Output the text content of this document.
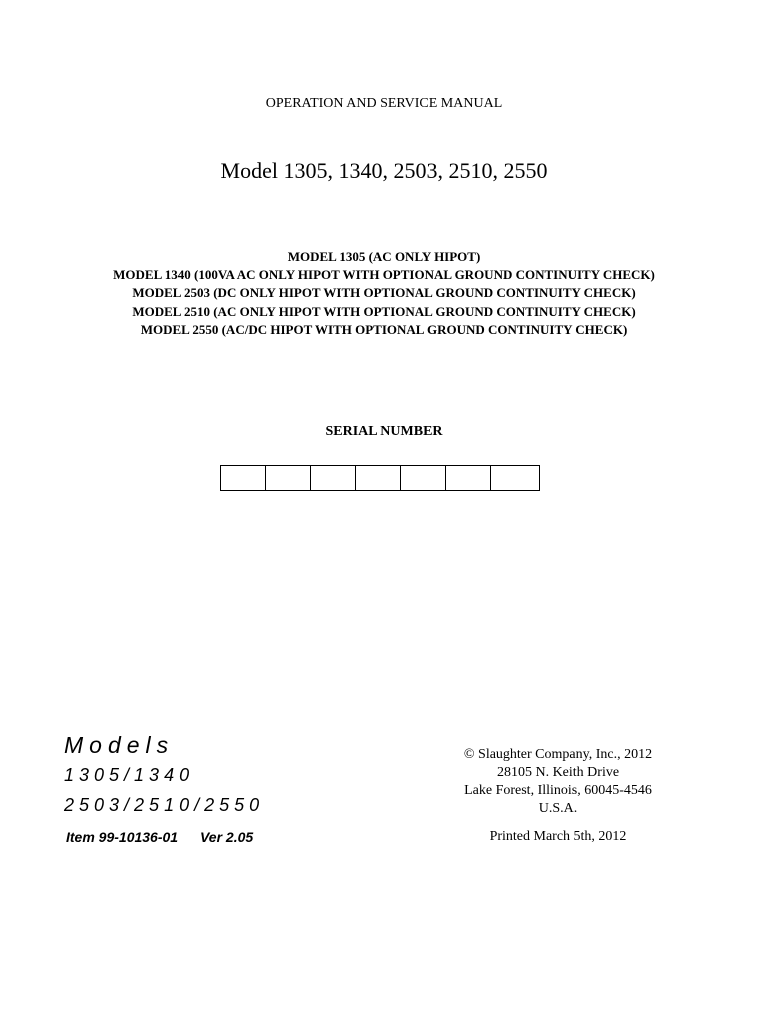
OPERATION AND SERVICE MANUAL
Model 1305, 1340, 2503, 2510, 2550
MODEL 1305 (AC ONLY HIPOT)
MODEL 1340 (100VA AC ONLY HIPOT WITH OPTIONAL GROUND CONTINUITY CHECK)
MODEL 2503 (DC ONLY HIPOT WITH OPTIONAL GROUND CONTINUITY CHECK)
MODEL 2510 (AC ONLY HIPOT WITH OPTIONAL GROUND CONTINUITY CHECK)
MODEL 2550 (AC/DC HIPOT WITH OPTIONAL GROUND CONTINUITY CHECK)
SERIAL NUMBER
Models
1305/1340
2503/2510/2550
Item 99-10136-01 Ver 2.05
© Slaughter Company, Inc., 2012
28105 N. Keith Drive
Lake Forest, Illinois, 60045-4546
U.S.A.
Printed March 5th, 2012
